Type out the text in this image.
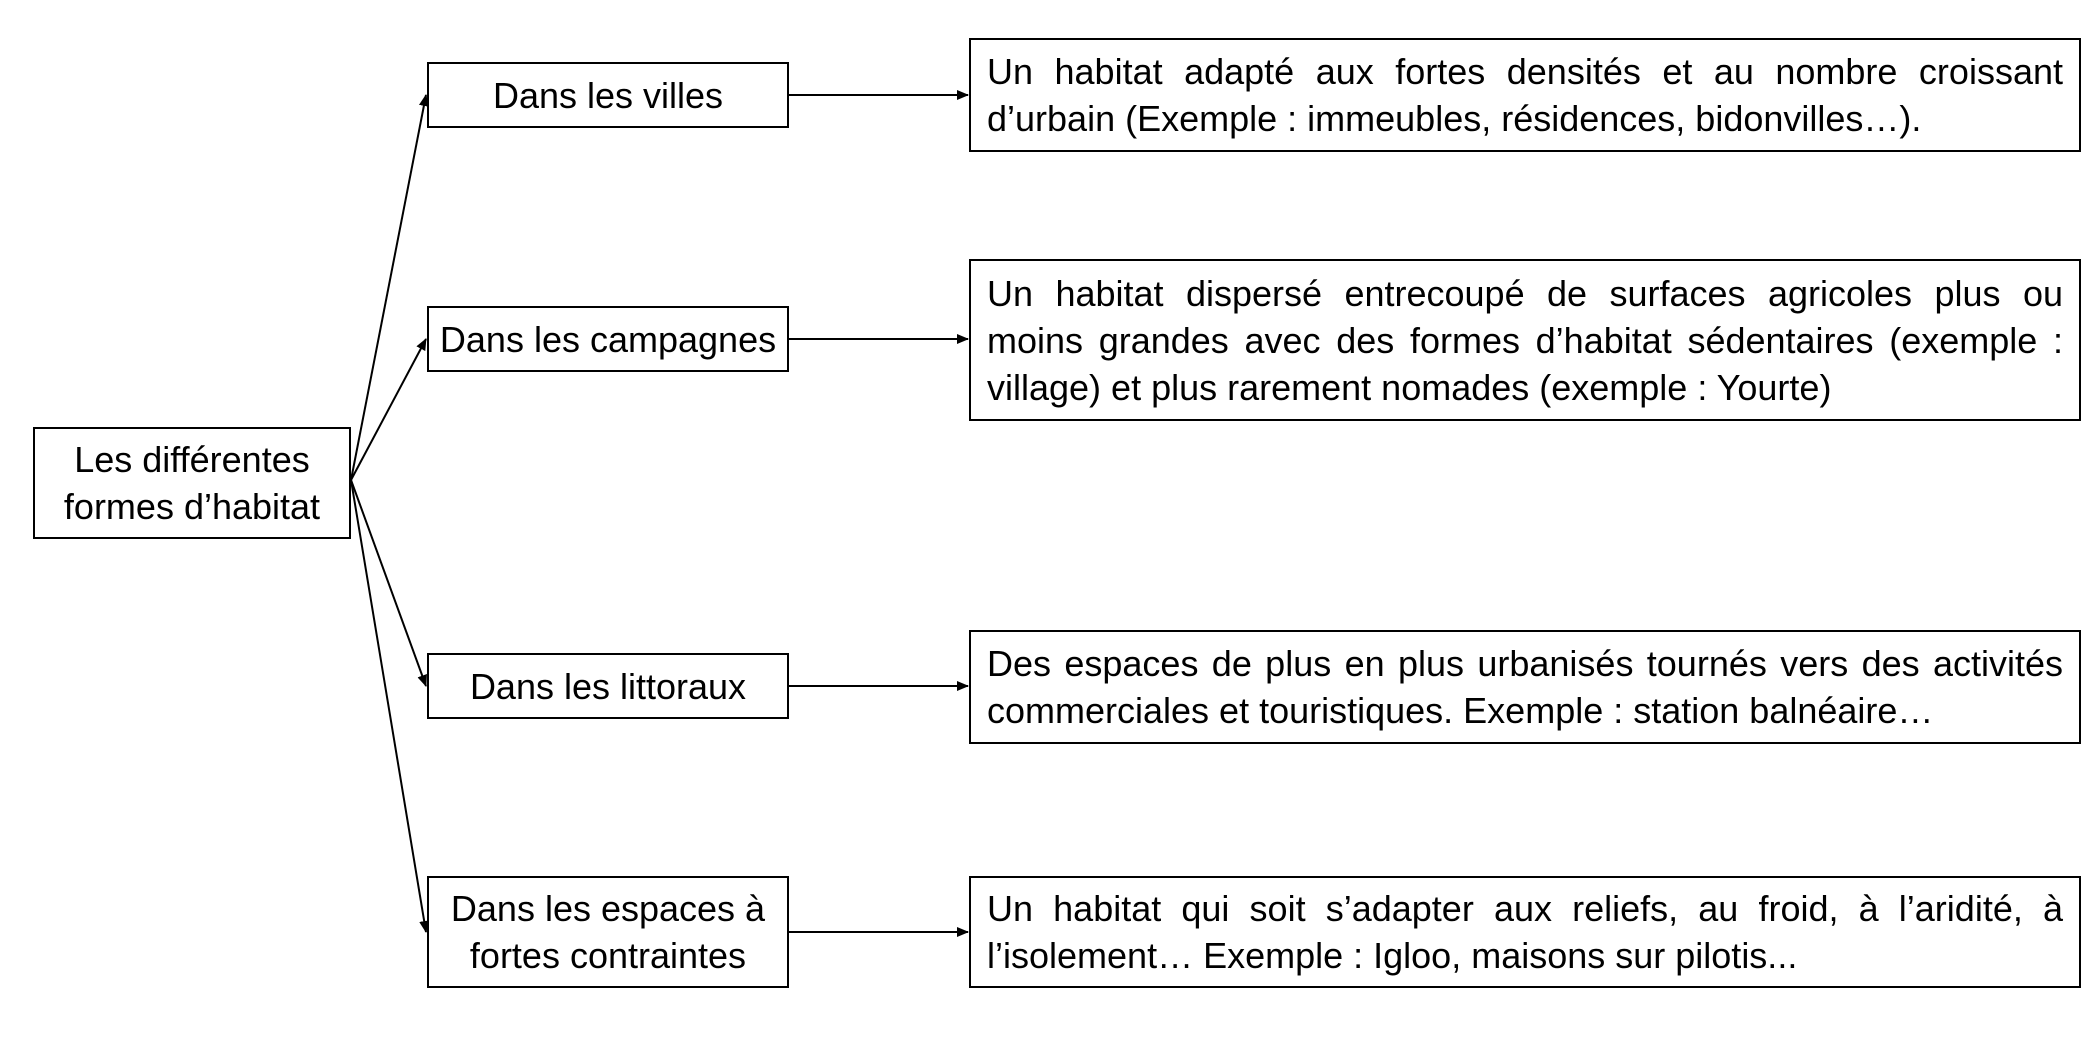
Les différentes
formes d’habitat
Dans les villes
Dans les campagnes
Dans les littoraux
Dans les espaces à
fortes contraintes
Un habitat adapté aux fortes densités et au nombre croissant
d’urbain (Exemple : immeubles, résidences, bidonvilles…).
Un habitat dispersé entrecoupé de surfaces agricoles plus ou
moins grandes avec des formes d’habitat sédentaires (exemple :
village) et plus rarement nomades (exemple : Yourte)
Des espaces de plus en plus urbanisés tournés vers des activités
commerciales et touristiques. Exemple : station balnéaire…
Un habitat qui soit s’adapter aux reliefs, au froid, à l’aridité, à
l’isolement… Exemple : Igloo, maisons sur pilotis...
